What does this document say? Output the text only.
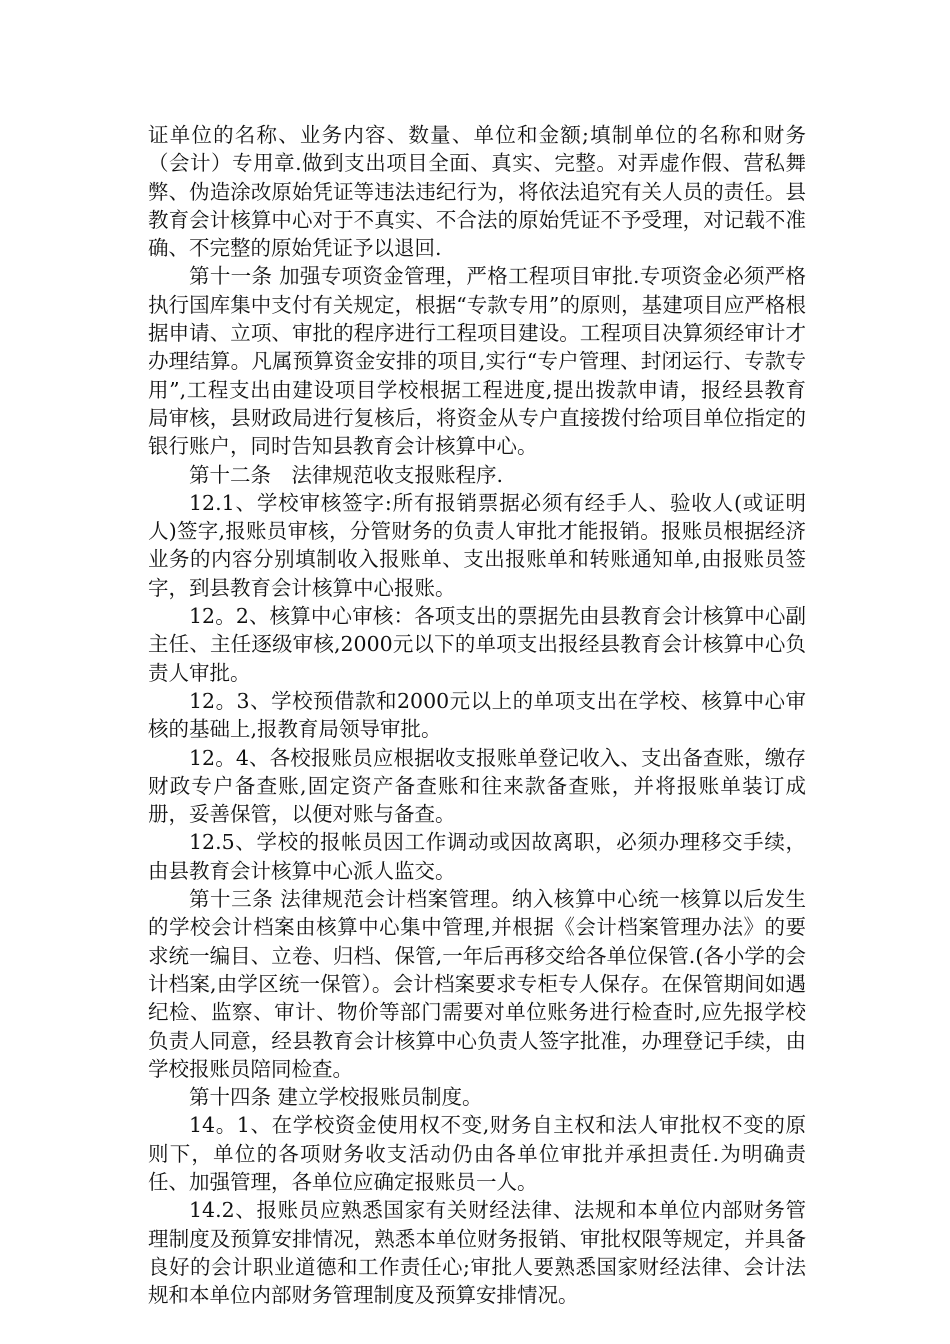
证单位的名称、业务内容、数量、单位和金额;填制单位的名称和财务（会计）专用章.做到支出项目全面、真实、完整。对弄虚作假、营私舞弊、伪造涂改原始凭证等违法违纪行为，将依法追究有关人员的责任。县教育会计核算中心对于不真实、不合法的原始凭证不予受理，对记载不准确、不完整的原始凭证予以退回.

第十一条 加强专项资金管理，严格工程项目审批.专项资金必须严格执行国库集中支付有关规定，根据“专款专用”的原则，基建项目应严格根据申请、立项、审批的程序进行工程项目建设。工程项目决算须经审计才办理结算。凡属预算资金安排的项目,实行“专户管理、封闭运行、专款专用”,工程支出由建设项目学校根据工程进度,提出拨款申请，报经县教育局审核，县财政局进行复核后，将资金从专户直接拨付给项目单位指定的银行账户，同时告知县教育会计核算中心。

第十二条　法律规范收支报账程序.

12.1、学校审核签字:所有报销票据必须有经手人、验收人(或证明人)签字,报账员审核，分管财务的负责人审批才能报销。报账员根据经济业务的内容分别填制收入报账单、支出报账单和转账通知单,由报账员签字，到县教育会计核算中心报账。

12。2、核算中心审核：各项支出的票据先由县教育会计核算中心副主任、主任逐级审核,2000元以下的单项支出报经县教育会计核算中心负责人审批。

12。3、学校预借款和2000元以上的单项支出在学校、核算中心审核的基础上,报教育局领导审批。

12。4、各校报账员应根据收支报账单登记收入、支出备查账，缴存财政专户备查账,固定资产备查账和往来款备查账，并将报账单装订成册，妥善保管，以便对账与备查。

12.5、学校的报帐员因工作调动或因故离职，必须办理移交手续，由县教育会计核算中心派人监交。

第十三条 法律规范会计档案管理。纳入核算中心统一核算以后发生的学校会计档案由核算中心集中管理,并根据《会计档案管理办法》的要求统一编目、立卷、归档、保管,一年后再移交给各单位保管.(各小学的会计档案,由学区统一保管）。会计档案要求专柜专人保存。在保管期间如遇纪检、监察、审计、物价等部门需要对单位账务进行检查时,应先报学校负责人同意，经县教育会计核算中心负责人签字批准，办理登记手续，由学校报账员陪同检查。

第十四条 建立学校报账员制度。

14。1、在学校资金使用权不变,财务自主权和法人审批权不变的原则下，单位的各项财务收支活动仍由各单位审批并承担责任.为明确责任、加强管理，各单位应确定报账员一人。

14.2、报账员应熟悉国家有关财经法律、法规和本单位内部财务管理制度及预算安排情况，熟悉本单位财务报销、审批权限等规定，并具备良好的会计职业道德和工作责任心;审批人要熟悉国家财经法律、会计法规和本单位内部财务管理制度及预算安排情况。
